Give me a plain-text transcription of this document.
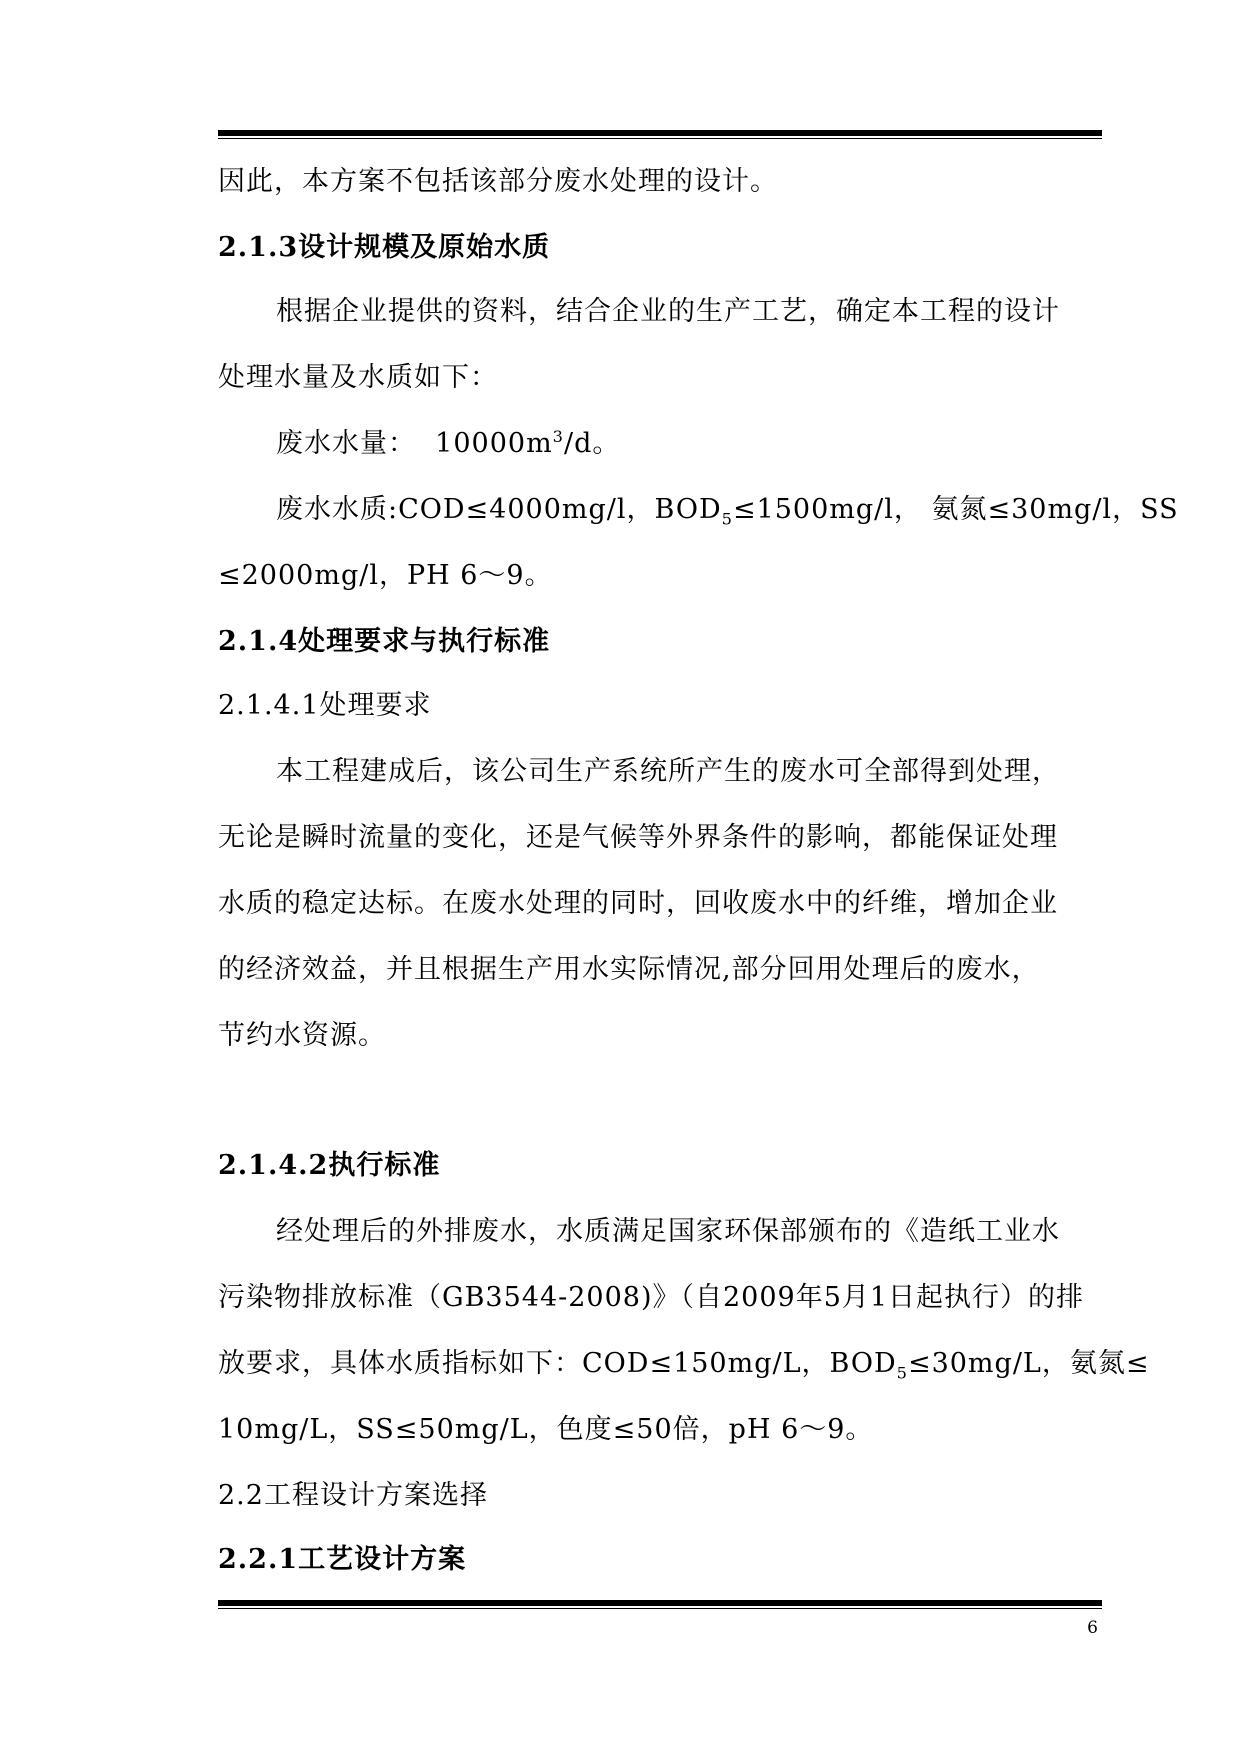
因此，本方案不包括该部分废水处理的设计。
2.1.3设计规模及原始水质
根据企业提供的资料，结合企业的生产工艺，确定本工程的设计
处理水量及水质如下：
废水水量： $10000m^3/d$。
废水水质:COD≤4000mg/l，$BOD_5\le 1500mg/l$， 氨氮≤30mg/l，SS
≤2000mg/l，PH 6～9。
2.1.4处理要求与执行标准
2.1.4.1处理要求
本工程建成后，该公司生产系统所产生的废水可全部得到处理，
无论是瞬时流量的变化，还是气候等外界条件的影响，都能保证处理
水质的稳定达标。在废水处理的同时，回收废水中的纤维，增加企业
的经济效益，并且根据生产用水实际情况,部分回用处理后的废水，
节约水资源。
2.1.4.2执行标准
经处理后的外排废水，水质满足国家环保部颁布的《造纸工业水
污染物排放标准（GB3544-2008)》（自2009年5月1日起执行）的排
放要求，具体水质指标如下：COD≤150mg/L，$BOD_5\le 30mg/L$，氨氮≤
10mg/L，SS≤50mg/L，色度≤50倍，pH 6～9。
2.2工程设计方案选择
2.2.1工艺设计方案
6
